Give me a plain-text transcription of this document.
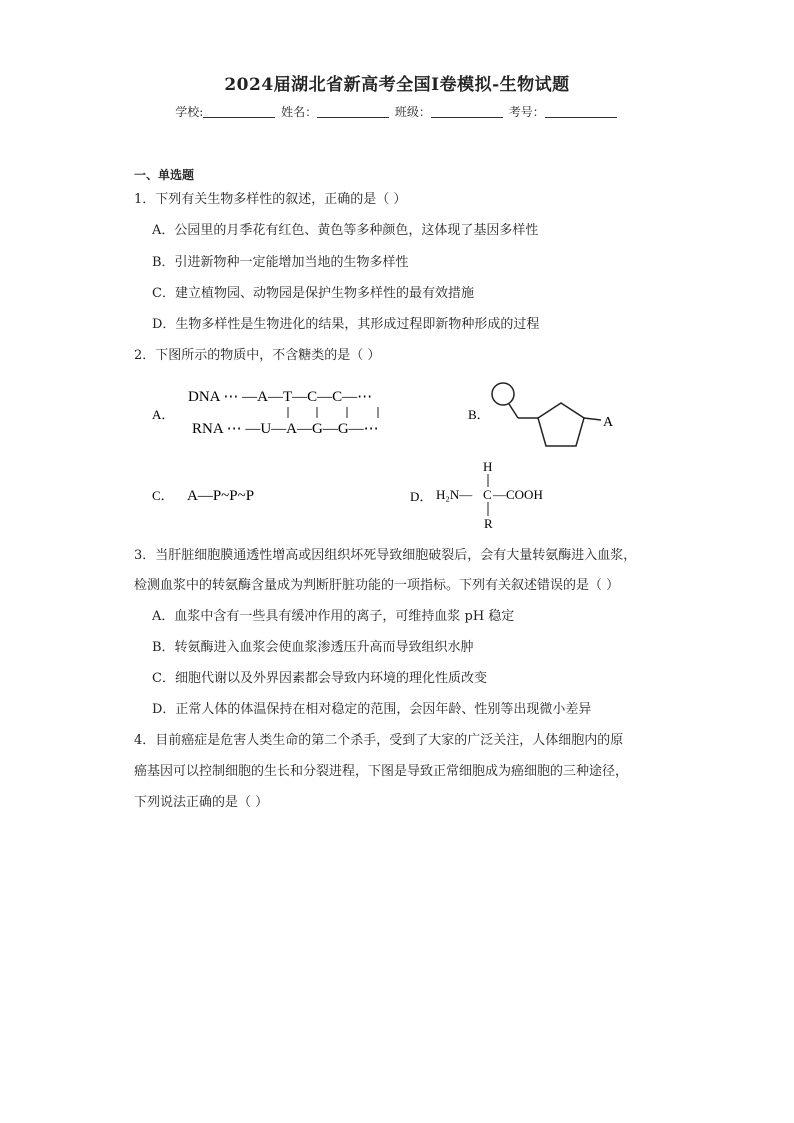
2024届湖北省新高考全国Ⅰ卷模拟-生物试题
学校:	姓名：	班级：	考号：
一、单选题
1．下列有关生物多样性的叙述，正确的是（ ）
A．公园里的月季花有红色、黄色等多种颜色，这体现了基因多样性
B．引进新物种一定能增加当地的生物多样性
C．建立植物园、动物园是保护生物多样性的最有效措施
D．生物多样性是生物进化的结果，其形成过程即新物种形成的过程
2．下图所示的物质中，不含糖类的是（ ）
A．
DNA ⋯ —A—T—C—C—⋯
RNA ⋯ —U—A—G—G—⋯
B．
A
C． A—P~P~P	D．
H
H₂N— C —COOH
R
3．当肝脏细胞膜通透性增高或因组织坏死导致细胞破裂后，会有大量转氨酶进入血浆，
检测血浆中的转氨酶含量成为判断肝脏功能的一项指标。下列有关叙述错误的是（ ）
A．血浆中含有一些具有缓冲作用的离子，可维持血浆 pH 稳定
B．转氨酶进入血浆会使血浆渗透压升高而导致组织水肿
C．细胞代谢以及外界因素都会导致内环境的理化性质改变
D．正常人体的体温保持在相对稳定的范围，会因年龄、性别等出现微小差异
4．目前癌症是危害人类生命的第二个杀手，受到了大家的广泛关注，人体细胞内的原
癌基因可以控制细胞的生长和分裂进程，下图是导致正常细胞成为癌细胞的三种途径，
下列说法正确的是（ ）
